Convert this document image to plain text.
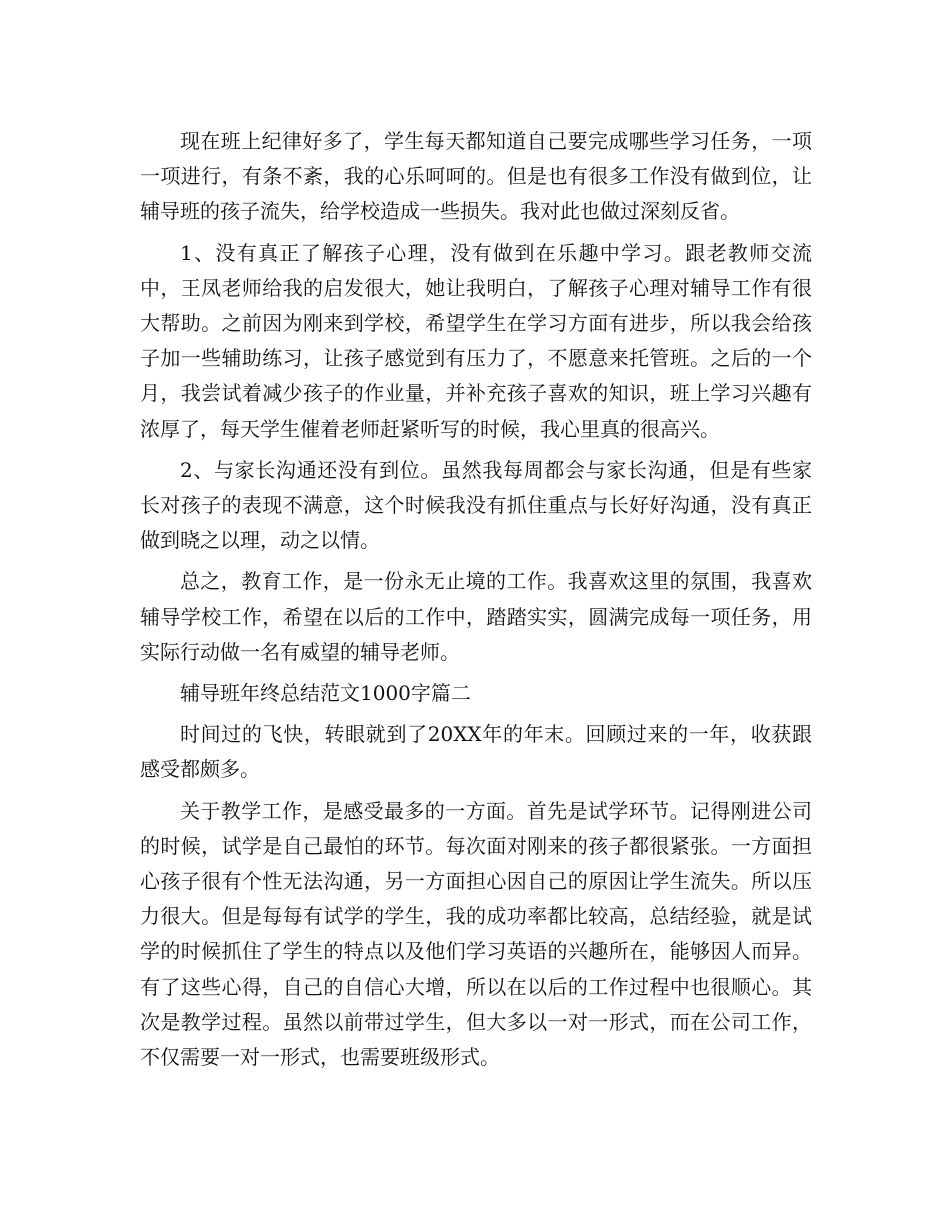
现在班上纪律好多了，学生每天都知道自己要完成哪些学习任务，一项一项进行，有条不紊，我的心乐呵呵的。但是也有很多工作没有做到位，让辅导班的孩子流失，给学校造成一些损失。我对此也做过深刻反省。

1、没有真正了解孩子心理，没有做到在乐趣中学习。跟老教师交流中，王凤老师给我的启发很大，她让我明白，了解孩子心理对辅导工作有很大帮助。之前因为刚来到学校，希望学生在学习方面有进步，所以我会给孩子加一些辅助练习，让孩子感觉到有压力了，不愿意来托管班。之后的一个月，我尝试着减少孩子的作业量，并补充孩子喜欢的知识，班上学习兴趣有浓厚了，每天学生催着老师赶紧听写的时候，我心里真的很高兴。

2、与家长沟通还没有到位。虽然我每周都会与家长沟通，但是有些家长对孩子的表现不满意，这个时候我没有抓住重点与长好好沟通，没有真正做到晓之以理，动之以情。

总之，教育工作，是一份永无止境的工作。我喜欢这里的氛围，我喜欢辅导学校工作，希望在以后的工作中，踏踏实实，圆满完成每一项任务，用实际行动做一名有威望的辅导老师。

辅导班年终总结范文1000字篇二

时间过的飞快，转眼就到了20XX年的年末。回顾过来的一年，收获跟感受都颇多。

关于教学工作，是感受最多的一方面。首先是试学环节。记得刚进公司的时候，试学是自己最怕的环节。每次面对刚来的孩子都很紧张。一方面担心孩子很有个性无法沟通，另一方面担心因自己的原因让学生流失。所以压力很大。但是每每有试学的学生，我的成功率都比较高，总结经验，就是试学的时候抓住了学生的特点以及他们学习英语的兴趣所在，能够因人而异。有了这些心得，自己的自信心大增，所以在以后的工作过程中也很顺心。其次是教学过程。虽然以前带过学生，但大多以一对一形式，而在公司工作，不仅需要一对一形式，也需要班级形式。
